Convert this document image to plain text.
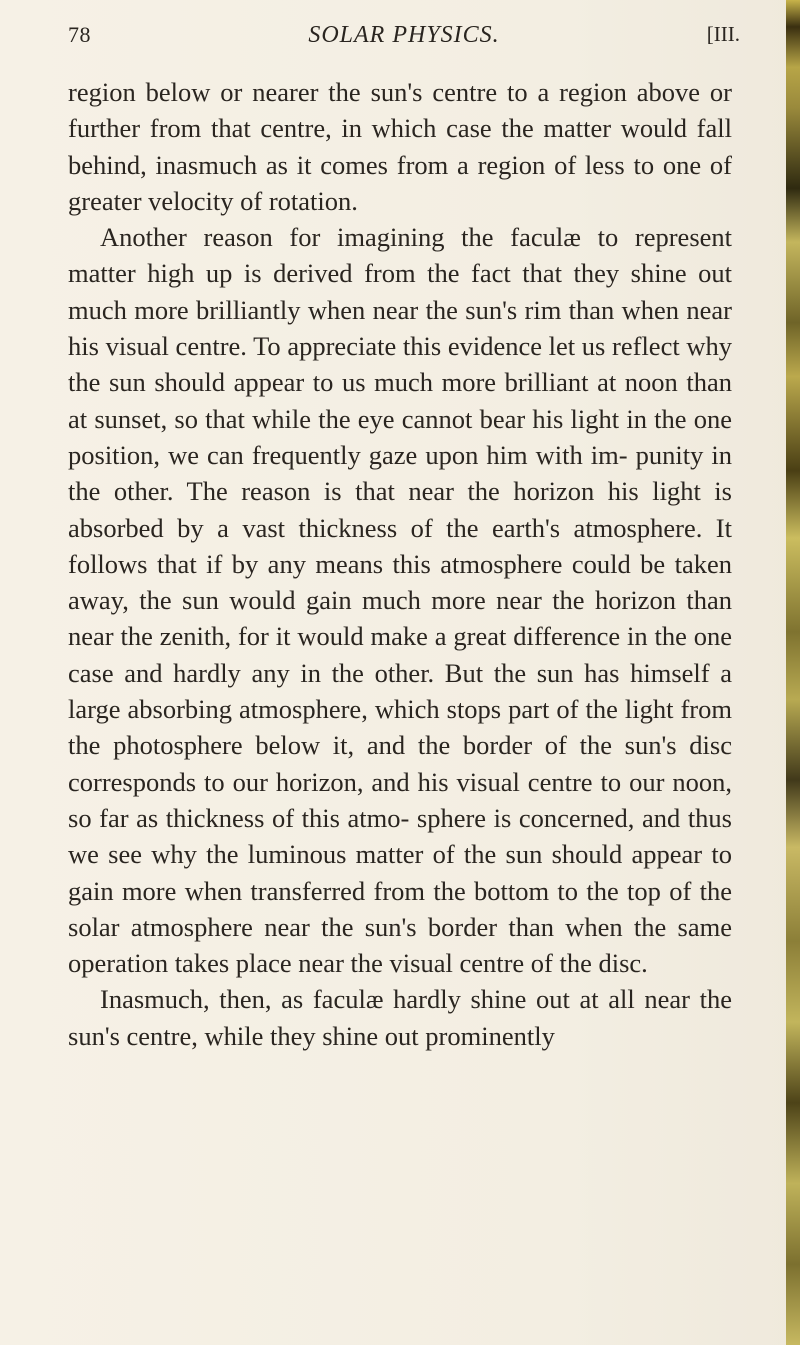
78	SOLAR PHYSICS.	[III.

region below or nearer the sun's centre to a region above or further from that centre, in which case the matter would fall behind, inasmuch as it comes from a region of less to one of greater velocity of rotation.

Another reason for imagining the faculæ to represent matter high up is derived from the fact that they shine out much more brilliantly when near the sun's rim than when near his visual centre. To appreciate this evidence let us reflect why the sun should appear to us much more brilliant at noon than at sunset, so that while the eye cannot bear his light in the one position, we can frequently gaze upon him with im- punity in the other. The reason is that near the horizon his light is absorbed by a vast thickness of the earth's atmosphere. It follows that if by any means this atmosphere could be taken away, the sun would gain much more near the horizon than near the zenith, for it would make a great difference in the one case and hardly any in the other. But the sun has himself a large absorbing atmosphere, which stops part of the light from the photosphere below it, and the border of the sun's disc corresponds to our horizon, and his visual centre to our noon, so far as thickness of this atmo- sphere is concerned, and thus we see why the luminous matter of the sun should appear to gain more when transferred from the bottom to the top of the solar atmosphere near the sun's border than when the same operation takes place near the visual centre of the disc.

Inasmuch, then, as faculæ hardly shine out at all near the sun's centre, while they shine out prominently
